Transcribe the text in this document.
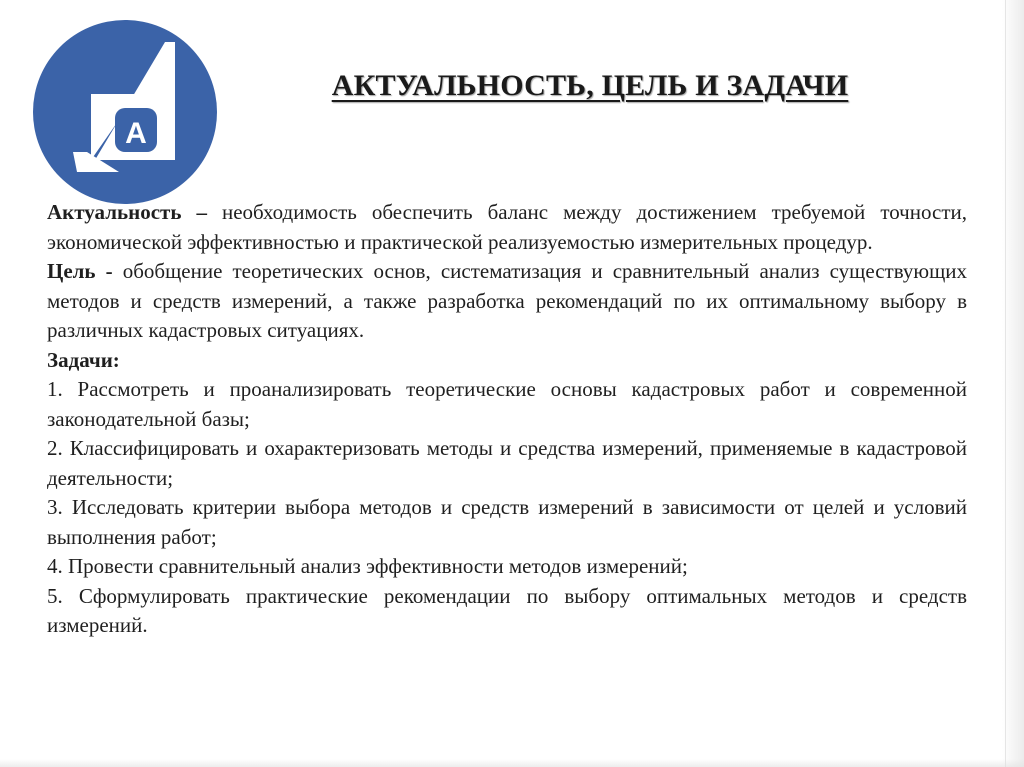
А
АКТУАЛЬНОСТЬ, ЦЕЛЬ И ЗАДАЧИ

Актуальность – необходимость обеспечить баланс между достижением требуемой точности, экономической эффективностью и практической реализуемостью измерительных процедур.

Цель - обобщение теоретических основ, систематизация и сравнительный анализ существующих методов и средств измерений, а также разработка рекомендаций по их оптимальному выбору в различных кадастровых ситуациях.

Задачи:

1. Рассмотреть и проанализировать теоретические основы кадастровых работ и современной законодательной базы;

2. Классифицировать и охарактеризовать методы и средства измерений, применяемые в кадастровой деятельности;

3. Исследовать критерии выбора методов и средств измерений в зависимости от целей и условий выполнения работ;

4. Провести сравнительный анализ эффективности методов измерений;

5. Сформулировать практические рекомендации по выбору оптимальных методов и средств измерений.
